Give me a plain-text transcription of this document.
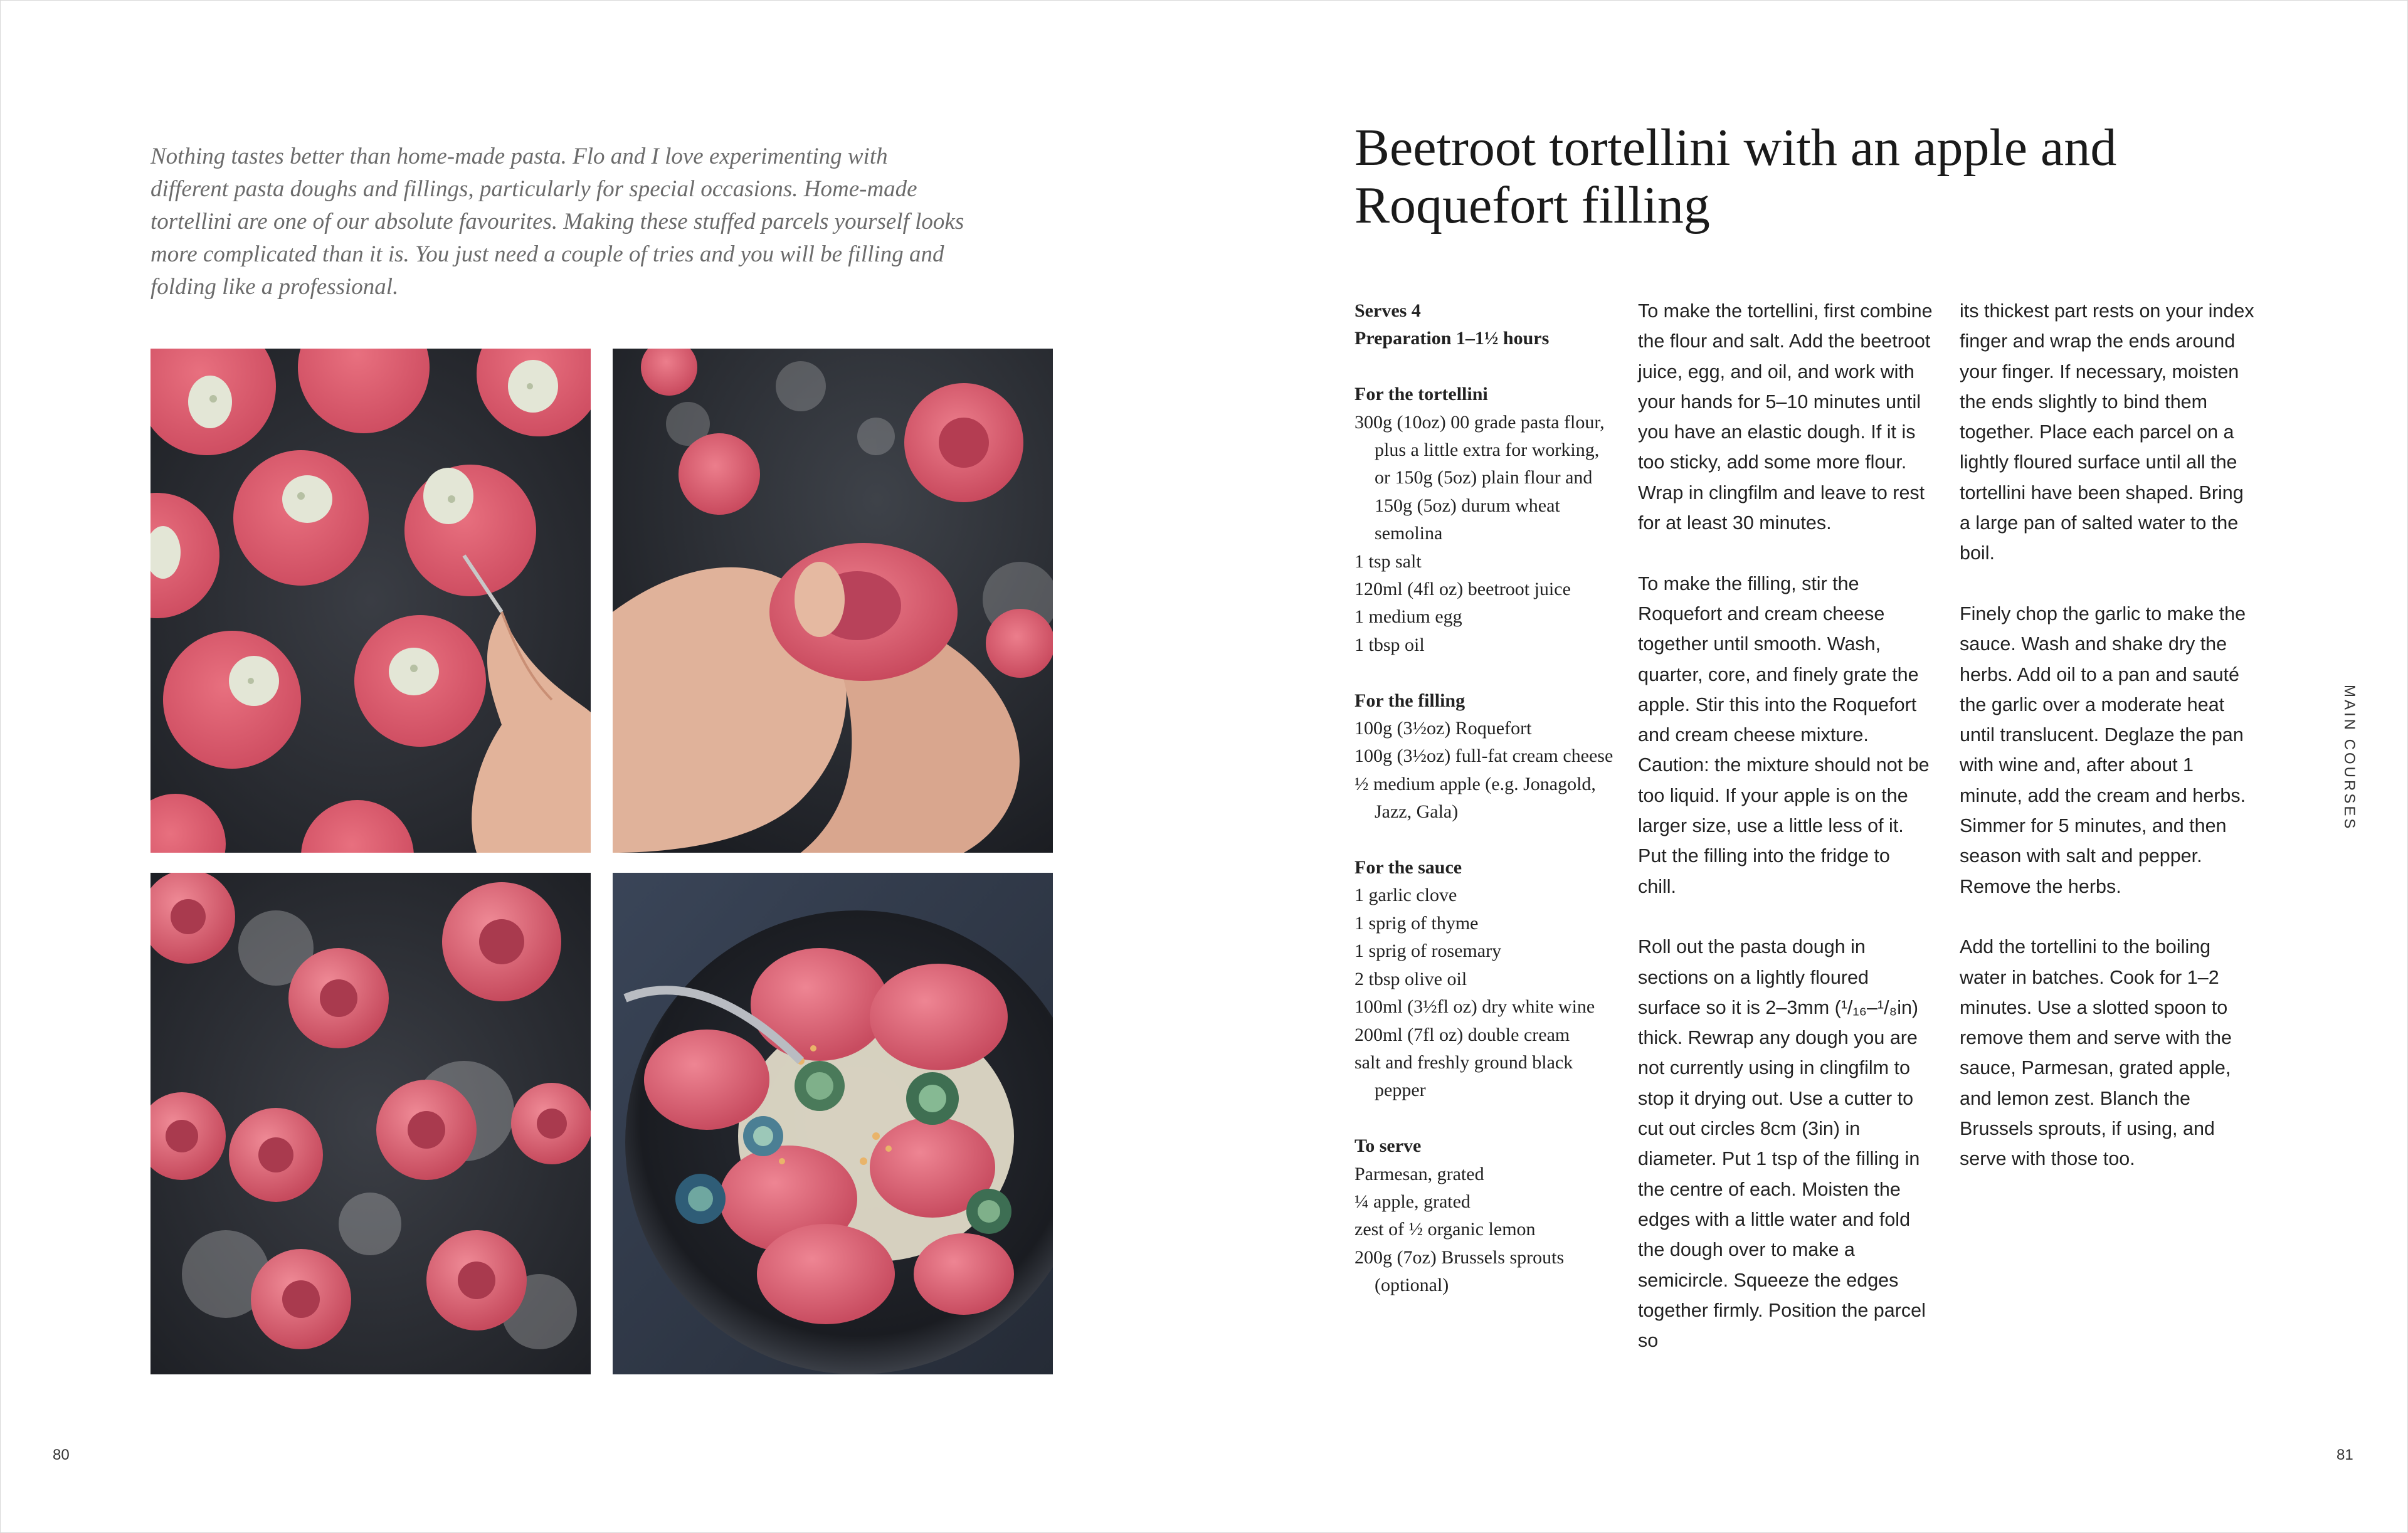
Nothing tastes better than home-made pasta. Flo and I love experimenting with different pasta doughs and fillings, particularly for special occasions. Home-made tortellini are one of our absolute favourites. Making these stuffed parcels yourself looks more complicated than it is. You just need a couple of tries and you will be filling and folding like a professional.
80
Beetroot tortellini with an apple and Roquefort filling
Serves 4
Preparation 1–1½ hours
For the tortellini
300g (10oz) 00 grade pasta flour, plus a little extra for working, or 150g (5oz) plain flour and 150g (5oz) durum wheat semolina
1 tsp salt
120ml (4fl oz) beetroot juice
1 medium egg
1 tbsp oil
For the filling
100g (3½oz) Roquefort
100g (3½oz) full-fat cream cheese
½ medium apple (e.g. Jonagold, Jazz, Gala)
For the sauce
1 garlic clove
1 sprig of thyme
1 sprig of rosemary
2 tbsp olive oil
100ml (3½fl oz) dry white wine
200ml (7fl oz) double cream
salt and freshly ground black pepper
To serve
Parmesan, grated
¼ apple, grated
zest of ½ organic lemon
200g (7oz) Brussels sprouts (optional)

To make the tortellini, first combine the flour and salt. Add the beetroot juice, egg, and oil, and work with your hands for 5–10 minutes until you have an elastic dough. If it is too sticky, add some more flour. Wrap in clingfilm and leave to rest for at least 30 minutes.

To make the filling, stir the Roquefort and cream cheese together until smooth. Wash, quarter, core, and finely grate the apple. Stir this into the Roquefort and cream cheese mixture. Caution: the mixture should not be too liquid. If your apple is on the larger size, use a little less of it. Put the filling into the fridge to chill.

Roll out the pasta dough in sections on a lightly floured surface so it is 2–3mm (¹/₁₆–¹/₈in) thick. Rewrap any dough you are not currently using in clingfilm to stop it drying out. Use a cutter to cut out circles 8cm (3in) in diameter. Put 1 tsp of the filling in the centre of each. Moisten the edges with a little water and fold the dough over to make a semicircle. Squeeze the edges together firmly. Position the parcel so

its thickest part rests on your index finger and wrap the ends around your finger. If necessary, moisten the ends slightly to bind them together. Place each parcel on a lightly floured surface until all the tortellini have been shaped. Bring a large pan of salted water to the boil.

Finely chop the garlic to make the sauce. Wash and shake dry the herbs. Add oil to a pan and sauté the garlic over a moderate heat until translucent. Deglaze the pan with wine and, after about 1 minute, add the cream and herbs. Simmer for 5 minutes, and then season with salt and pepper. Remove the herbs.

Add the tortellini to the boiling water in batches. Cook for 1–2 minutes. Use a slotted spoon to remove them and serve with the sauce, Parmesan, grated apple, and lemon zest. Blanch the Brussels sprouts, if using, and serve with those too.

MAIN COURSES
81
